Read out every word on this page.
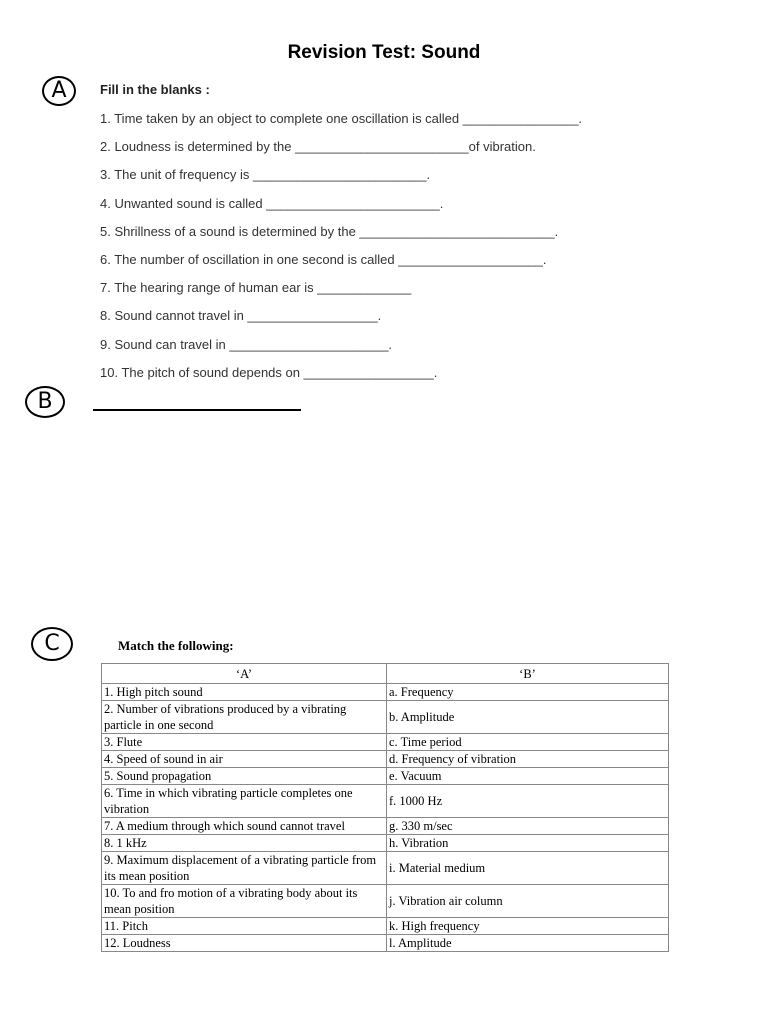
Revision Test: Sound
A	Fill in the blanks :
1. Time taken by an object to complete one oscillation is called ________________.
2. Loudness is determined by the ________________________of vibration.
3. The unit of frequency is ________________________.
4. Unwanted sound is called ________________________.
5. Shrillness of a sound is determined by the ___________________________.
6. The number of oscillation in one second is called ____________________.
7. The hearing range of human ear is _____________
8. Sound cannot travel in __________________.
9. Sound can travel in ______________________.
10. The pitch of sound depends on __________________.
B
C	Match the following:
‘A’	‘B’
1. High pitch sound	a. Frequency
2. Number of vibrations produced by a vibrating particle in one second	b. Amplitude
3. Flute	c. Time period
4. Speed of sound in air	d. Frequency of vibration
5. Sound propagation	e. Vacuum
6. Time in which vibrating particle completes one vibration	f. 1000 Hz
7. A medium through which sound cannot travel	g. 330 m/sec
8. 1 kHz	h. Vibration
9. Maximum displacement of a vibrating particle from its mean position	i. Material medium
10. To and fro motion of a vibrating body about its mean position	j. Vibration air column
11. Pitch	k. High frequency
12. Loudness	l. Amplitude
